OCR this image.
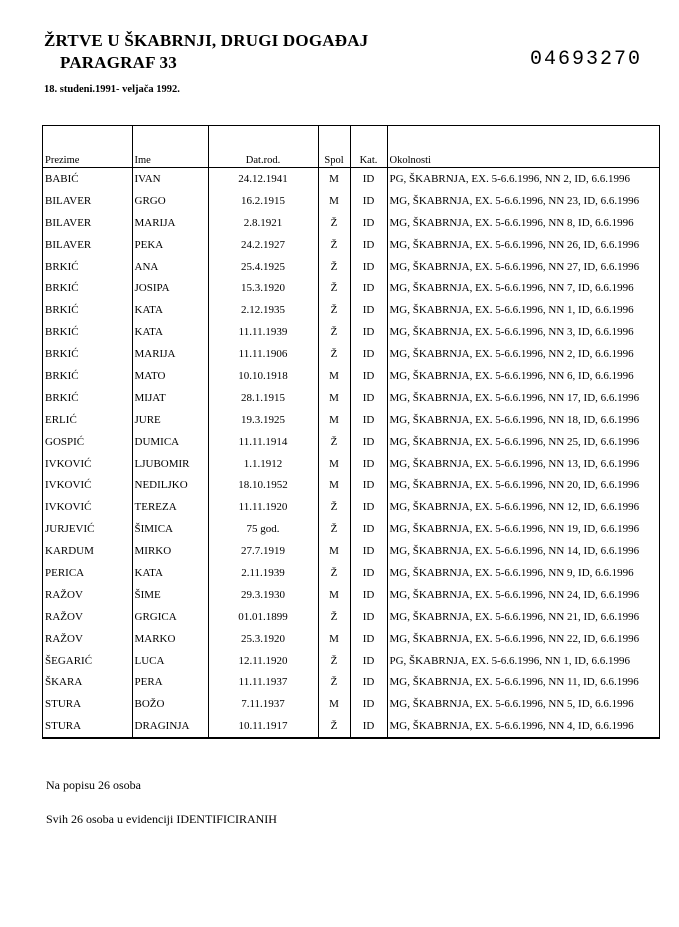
ŽRTVE U ŠKABRNJI, DRUGI DOGAĐAJ
PARAGRAF 33	04693270
18. studeni.1991- veljača 1992.
Prezime	Ime	Dat.rod.	Spol	Kat.	Okolnosti
BABIĆ	IVAN	24.12.1941	M	ID	PG, ŠKABRNJA, EX. 5-6.6.1996, NN 2, ID, 6.6.1996
BILAVER	GRGO	16.2.1915	M	ID	MG, ŠKABRNJA, EX. 5-6.6.1996, NN 23, ID, 6.6.1996
BILAVER	MARIJA	2.8.1921	Ž	ID	MG, ŠKABRNJA, EX. 5-6.6.1996, NN 8, ID, 6.6.1996
BILAVER	PEKA	24.2.1927	Ž	ID	MG, ŠKABRNJA, EX. 5-6.6.1996, NN 26, ID, 6.6.1996
BRKIĆ	ANA	25.4.1925	Ž	ID	MG, ŠKABRNJA, EX. 5-6.6.1996, NN 27, ID, 6.6.1996
BRKIĆ	JOSIPA	15.3.1920	Ž	ID	MG, ŠKABRNJA, EX. 5-6.6.1996, NN 7, ID, 6.6.1996
BRKIĆ	KATA	2.12.1935	Ž	ID	MG, ŠKABRNJA, EX. 5-6.6.1996, NN 1, ID, 6.6.1996
BRKIĆ	KATA	11.11.1939	Ž	ID	MG, ŠKABRNJA, EX. 5-6.6.1996, NN 3, ID, 6.6.1996
BRKIĆ	MARIJA	11.11.1906	Ž	ID	MG, ŠKABRNJA, EX. 5-6.6.1996, NN 2, ID, 6.6.1996
BRKIĆ	MATO	10.10.1918	M	ID	MG, ŠKABRNJA, EX. 5-6.6.1996, NN 6, ID, 6.6.1996
BRKIĆ	MIJAT	28.1.1915	M	ID	MG, ŠKABRNJA, EX. 5-6.6.1996, NN 17, ID, 6.6.1996
ERLIĆ	JURE	19.3.1925	M	ID	MG, ŠKABRNJA, EX. 5-6.6.1996, NN 18, ID, 6.6.1996
GOSPIĆ	DUMICA	11.11.1914	Ž	ID	MG, ŠKABRNJA, EX. 5-6.6.1996, NN 25, ID, 6.6.1996
IVKOVIĆ	LJUBOMIR	1.1.1912	M	ID	MG, ŠKABRNJA, EX. 5-6.6.1996, NN 13, ID, 6.6.1996
IVKOVIĆ	NEDILJKO	18.10.1952	M	ID	MG, ŠKABRNJA, EX. 5-6.6.1996, NN 20, ID, 6.6.1996
IVKOVIĆ	TEREZA	11.11.1920	Ž	ID	MG, ŠKABRNJA, EX. 5-6.6.1996, NN 12, ID, 6.6.1996
JURJEVIĆ	ŠIMICA	75 god.	Ž	ID	MG, ŠKABRNJA, EX. 5-6.6.1996, NN 19, ID, 6.6.1996
KARDUM	MIRKO	27.7.1919	M	ID	MG, ŠKABRNJA, EX. 5-6.6.1996, NN 14, ID, 6.6.1996
PERICA	KATA	2.11.1939	Ž	ID	MG, ŠKABRNJA, EX. 5-6.6.1996, NN 9, ID, 6.6.1996
RAŽOV	ŠIME	29.3.1930	M	ID	MG, ŠKABRNJA, EX. 5-6.6.1996, NN 24, ID, 6.6.1996
RAŽOV	GRGICA	01.01.1899	Ž	ID	MG, ŠKABRNJA, EX. 5-6.6.1996, NN 21, ID, 6.6.1996
RAŽOV	MARKO	25.3.1920	M	ID	MG, ŠKABRNJA, EX. 5-6.6.1996, NN 22, ID, 6.6.1996
ŠEGARIĆ	LUCA	12.11.1920	Ž	ID	PG, ŠKABRNJA, EX. 5-6.6.1996, NN 1, ID, 6.6.1996
ŠKARA	PERA	11.11.1937	Ž	ID	MG, ŠKABRNJA, EX. 5-6.6.1996, NN 11, ID, 6.6.1996
STURA	BOŽO	7.11.1937	M	ID	MG, ŠKABRNJA, EX. 5-6.6.1996, NN 5, ID, 6.6.1996
STURA	DRAGINJA	10.11.1917	Ž	ID	MG, ŠKABRNJA, EX. 5-6.6.1996, NN 4, ID, 6.6.1996
Na popisu 26 osoba
Svih 26 osoba u evidenciji IDENTIFICIRANIH
